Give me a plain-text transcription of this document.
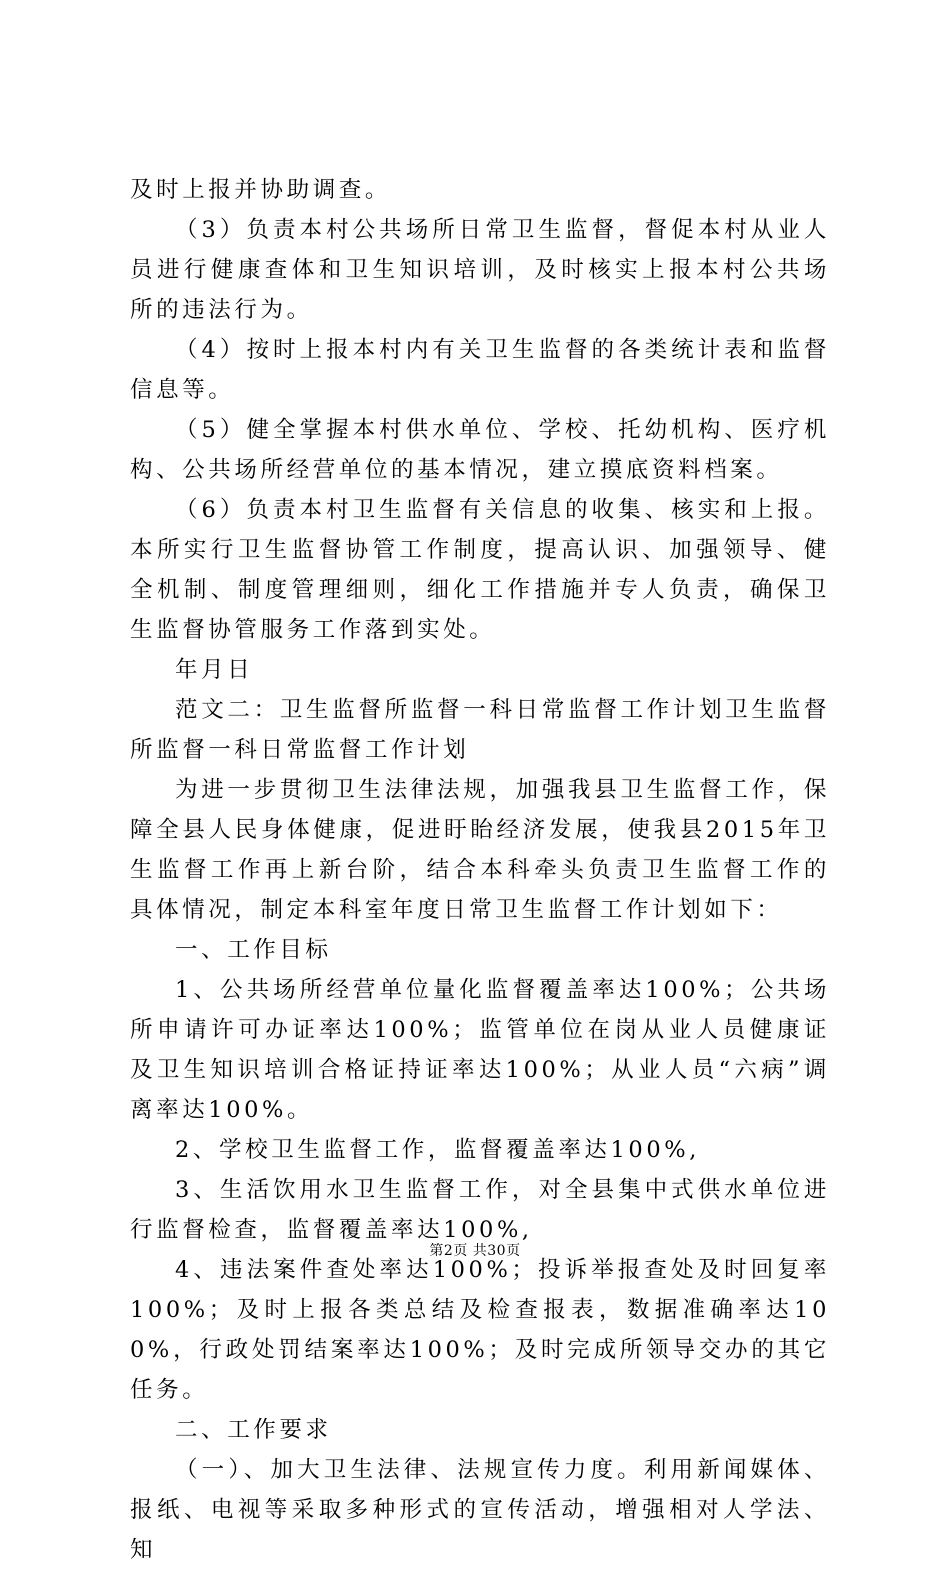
及时上报并协助调查。

（3）负责本村公共场所日常卫生监督，督促本村从业人员进行健康查体和卫生知识培训，及时核实上报本村公共场所的违法行为。

（4）按时上报本村内有关卫生监督的各类统计表和监督信息等。

（5）健全掌握本村供水单位、学校、托幼机构、医疗机构、公共场所经营单位的基本情况，建立摸底资料档案。

（6）负责本村卫生监督有关信息的收集、核实和上报。本所实行卫生监督协管工作制度，提高认识、加强领导、健全机制、制度管理细则，细化工作措施并专人负责，确保卫生监督协管服务工作落到实处。

年月日

范文二：卫生监督所监督一科日常监督工作计划卫生监督所监督一科日常监督工作计划

为进一步贯彻卫生法律法规，加强我县卫生监督工作，保障全县人民身体健康，促进盱眙经济发展，使我县2015年卫生监督工作再上新台阶，结合本科牵头负责卫生监督工作的具体情况，制定本科室年度日常卫生监督工作计划如下：

一、工作目标

1、公共场所经营单位量化监督覆盖率达100%；公共场所申请许可办证率达100%；监管单位在岗从业人员健康证及卫生知识培训合格证持证率达100%；从业人员“六病”调离率达100%。

2、学校卫生监督工作，监督覆盖率达100%,

3、生活饮用水卫生监督工作，对全县集中式供水单位进行监督检查，监督覆盖率达100%,

4、违法案件查处率达100%；投诉举报查处及时回复率100%；及时上报各类总结及检查报表，数据准确率达100%，行政处罚结案率达100%；及时完成所领导交办的其它任务。

二、工作要求

（一）、加大卫生法律、法规宣传力度。利用新闻媒体、报纸、电视等采取多种形式的宣传活动，增强相对人学法、知

第2页 共30页
